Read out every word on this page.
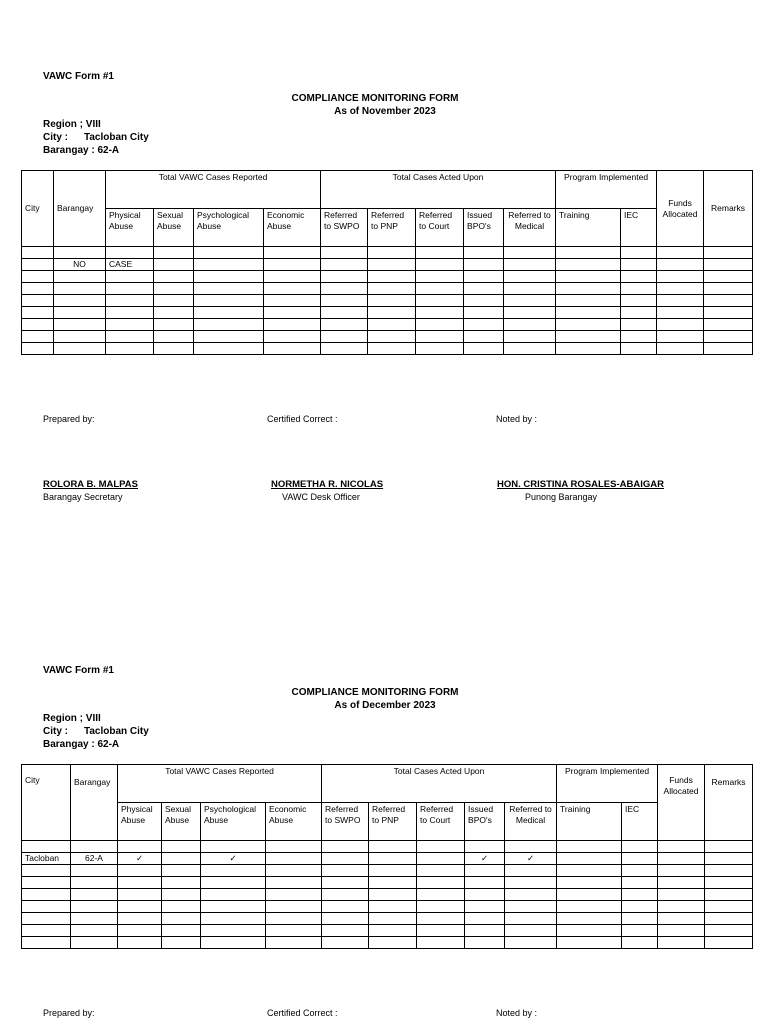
VAWC Form #1
COMPLIANCE MONITORING FORM
As of November 2023
Region ; VIII
City : Tacloban City
Barangay : 62-A
City	Barangay	Total VAWC Cases Reported				Total Cases Acted Upon					Program Implemented		Funds Allocated	Remarks
		Physical Abuse	Sexual Abuse	Psychological Abuse	Economic Abuse	Referred to SWPO	Referred to PNP	Referred to Court	Issued BPO's	Referred to Medical	Training	IEC		

	NO	CASE												

Prepared by:	Certified Correct :	Noted by :
ROLORA B. MALPAS
Barangay Secretary
NORMETHA R. NICOLAS
VAWC Desk Officer
HON. CRISTINA ROSALES-ABAIGAR
Punong Barangay
VAWC Form #1
COMPLIANCE MONITORING FORM
As of December 2023
Region ; VIII
City : Tacloban City
Barangay : 62-A
City	Barangay	Total VAWC Cases Reported				Total Cases Acted Upon					Program Implemented		Funds Allocated	Remarks
		Physical Abuse	Sexual Abuse	Psychological Abuse	Economic Abuse	Referred to SWPO	Referred to PNP	Referred to Court	Issued BPO's	Referred to Medical	Training	IEC		

Tacloban	62-A	✓		✓					✓	✓				

Prepared by:	Certified Correct :	Noted by :
